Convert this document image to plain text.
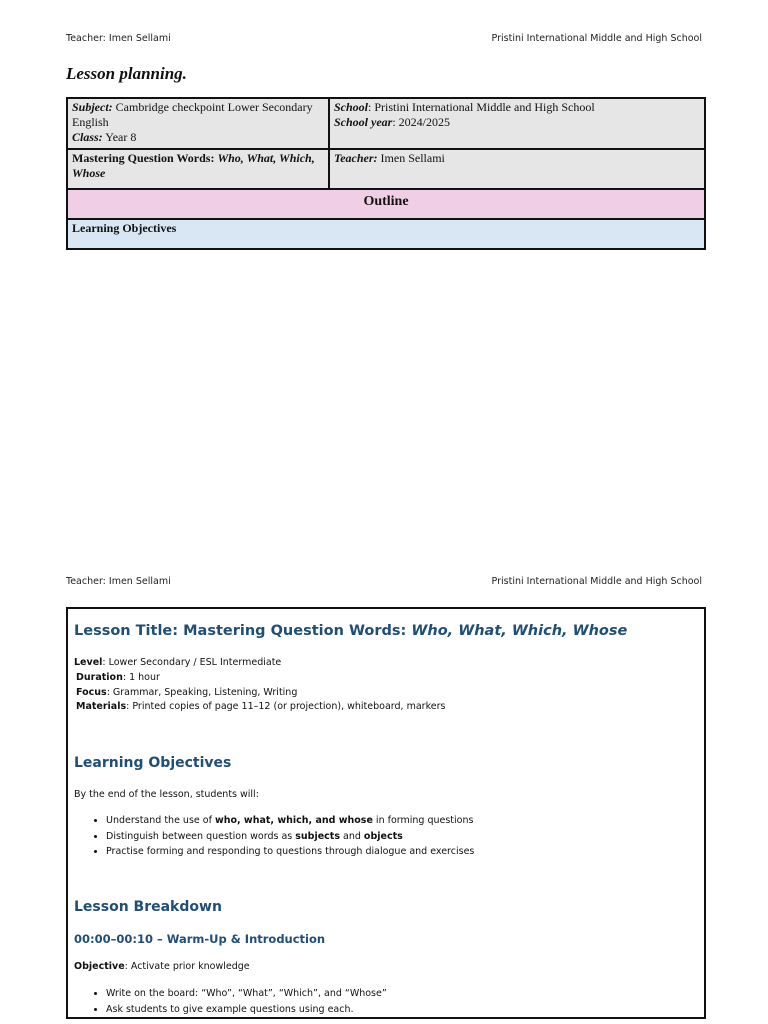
Teacher: Imen Sellami	Pristini International Middle and High School
Lesson planning.
Subject: Cambridge checkpoint Lower Secondary English
Class: Year 8
School: Pristini International Middle and High School
School year: 2024/2025
Mastering Question Words: Who, What, Which, Whose
Teacher: Imen Sellami
Outline
Learning Objectives
Teacher: Imen Sellami	Pristini International Middle and High School
Lesson Title: Mastering Question Words: Who, What, Which, Whose
Level: Lower Secondary / ESL Intermediate
Duration: 1 hour
Focus: Grammar, Speaking, Listening, Writing
Materials: Printed copies of page 11–12 (or projection), whiteboard, markers
Learning Objectives
By the end of the lesson, students will:
• Understand the use of who, what, which, and whose in forming questions
• Distinguish between question words as subjects and objects
• Practise forming and responding to questions through dialogue and exercises
Lesson Breakdown
00:00–00:10 – Warm-Up & Introduction
Objective: Activate prior knowledge
• Write on the board: “Who”, “What”, “Which”, and “Whose”
• Ask students to give example questions using each.
